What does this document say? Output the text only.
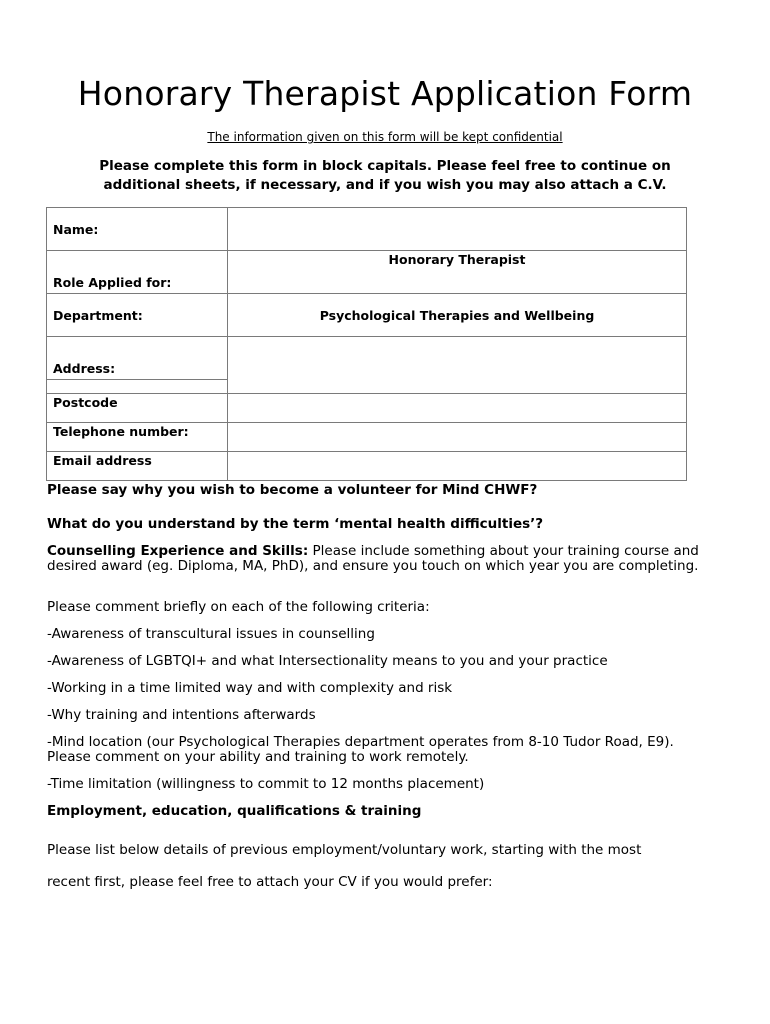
Honorary Therapist Application Form
The information given on this form will be kept confidential
Please complete this form in block capitals. Please feel free to continue on additional sheets, if necessary, and if you wish you may also attach a C.V.
Name:	
Role Applied for:	Honorary Therapist
Department:	Psychological Therapies and Wellbeing
Address:	

Postcode	
Telephone number:	
Email address	
Please say why you wish to become a volunteer for Mind CHWF?
What do you understand by the term ‘mental health difficulties’?
Counselling Experience and Skills: Please include something about your training course and desired award (eg. Diploma, MA, PhD), and ensure you touch on which year you are completing.
Please comment briefly on each of the following criteria:
-Awareness of transcultural issues in counselling
-Awareness of LGBTQI+ and what Intersectionality means to you and your practice
-Working in a time limited way and with complexity and risk
-Why training and intentions afterwards
-Mind location (our Psychological Therapies department operates from 8-10 Tudor Road, E9). Please comment on your ability and training to work remotely.
-Time limitation (willingness to commit to 12 months placement)
Employment, education, qualifications & training
Please list below details of previous employment/voluntary work, starting with the most
recent first, please feel free to attach your CV if you would prefer:
